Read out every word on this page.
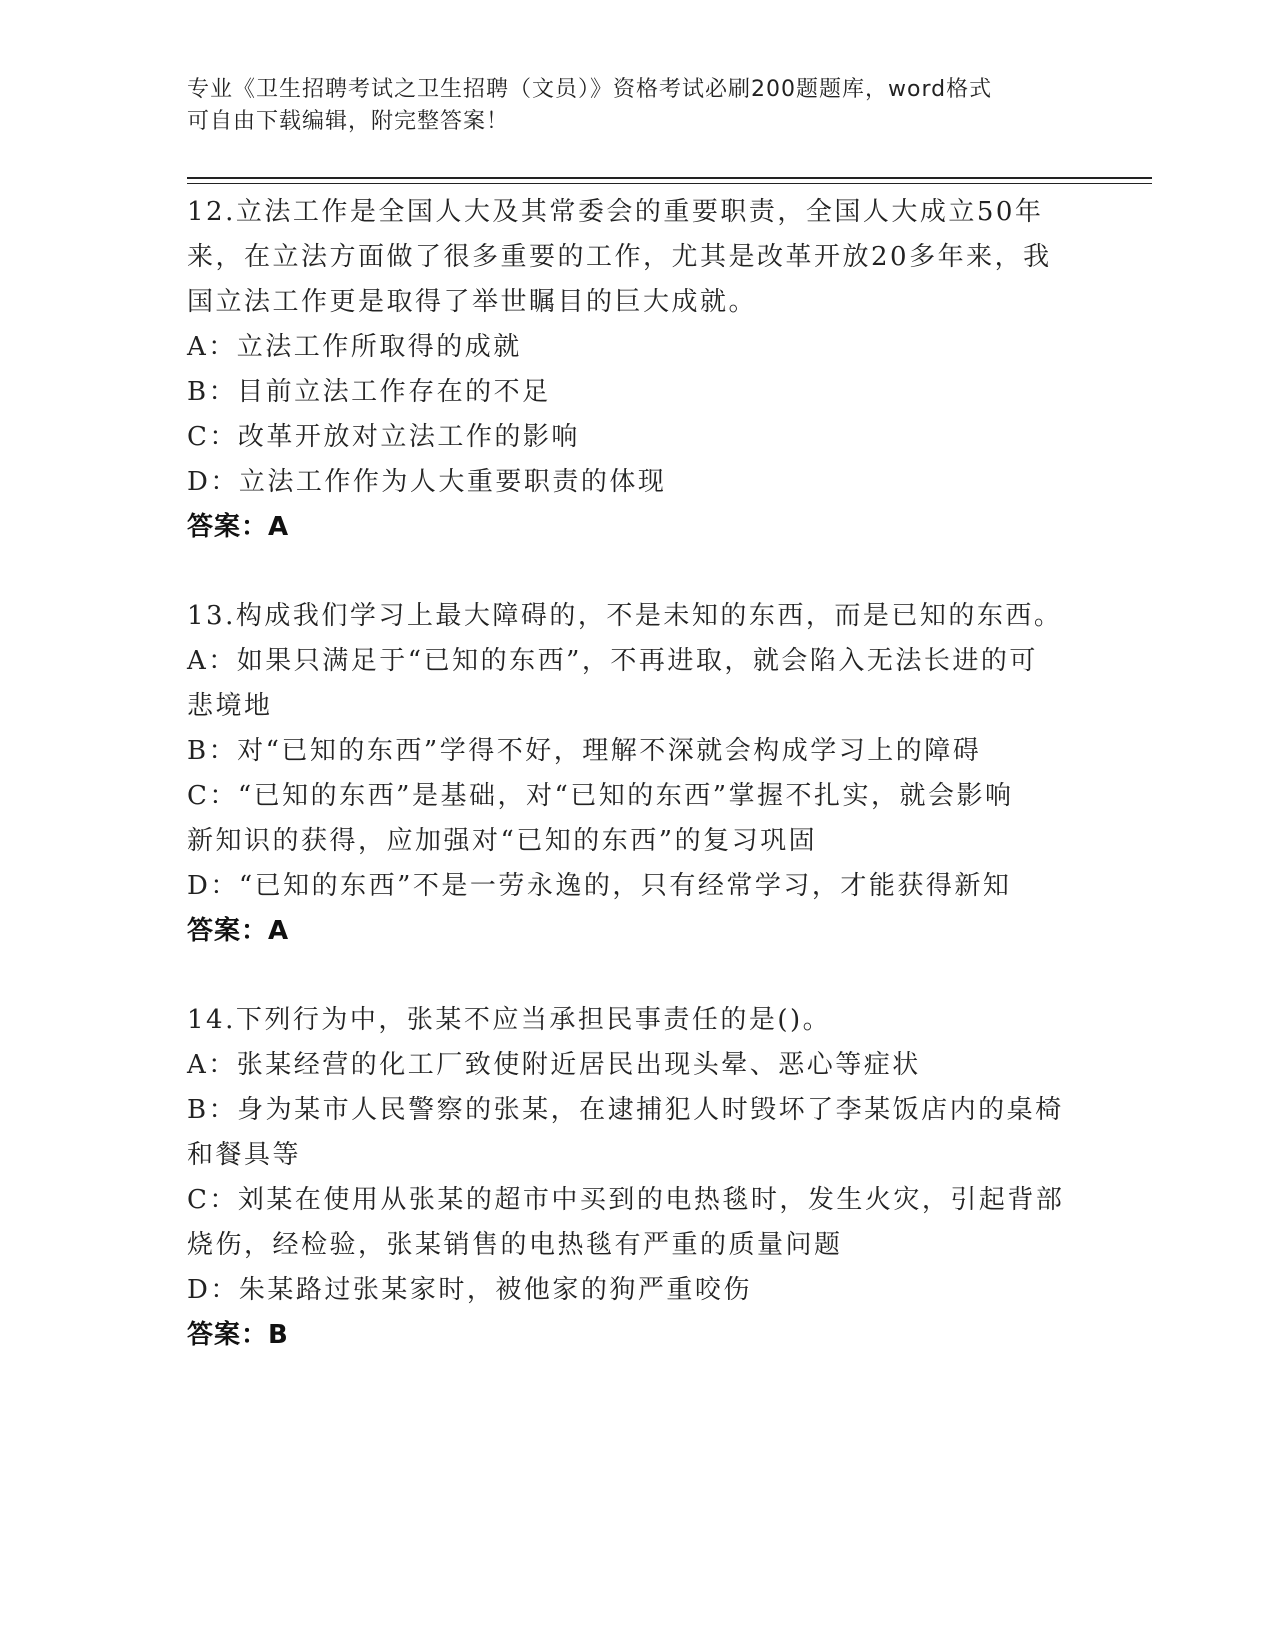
专业《卫生招聘考试之卫生招聘（文员）》资格考试必刷200题题库，word格式
可自由下载编辑，附完整答案！
12.立法工作是全国人大及其常委会的重要职责，全国人大成立50年
来，在立法方面做了很多重要的工作，尤其是改革开放20多年来，我
国立法工作更是取得了举世瞩目的巨大成就。
A：立法工作所取得的成就
B：目前立法工作存在的不足
C：改革开放对立法工作的影响
D：立法工作作为人大重要职责的体现
答案：A
13.构成我们学习上最大障碍的，不是未知的东西，而是已知的东西。
A：如果只满足于“已知的东西”，不再进取，就会陷入无法长进的可
悲境地
B：对“已知的东西”学得不好，理解不深就会构成学习上的障碍
C：“已知的东西”是基础，对“已知的东西”掌握不扎实，就会影响
新知识的获得，应加强对“已知的东西”的复习巩固
D：“已知的东西”不是一劳永逸的，只有经常学习，才能获得新知
答案：A
14.下列行为中，张某不应当承担民事责任的是()。
A：张某经营的化工厂致使附近居民出现头晕、恶心等症状
B：身为某市人民警察的张某，在逮捕犯人时毁坏了李某饭店内的桌椅
和餐具等
C：刘某在使用从张某的超市中买到的电热毯时，发生火灾，引起背部
烧伤，经检验，张某销售的电热毯有严重的质量问题
D：朱某路过张某家时，被他家的狗严重咬伤
答案：B
